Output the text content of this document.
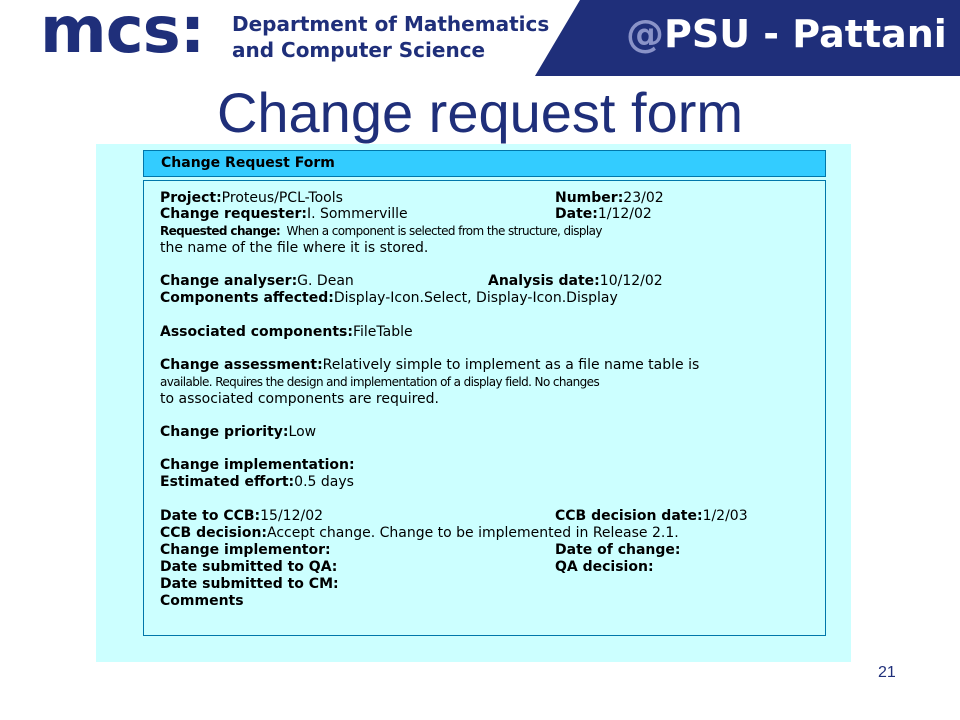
mcs: Department of Mathematics
and Computer Science	@PSU - Pattani
Change request form
Change Request Form
Project:Proteus/PCL-Tools	Number:23/02
Change requester:I. Sommerville	Date:1/12/02
Requested change: When a component is selected from the structure, display
the name of the file where it is stored.
Change analyser:G. Dean	Analysis date:10/12/02
Components affected:Display-Icon.Select, Display-Icon.Display
Associated components:FileTable
Change assessment:Relatively simple to implement as a file name table is
available. Requires the design and implementation of a display field. No changes
to associated components are required.
Change priority:Low
Change implementation:
Estimated effort:0.5 days
Date to CCB:15/12/02	CCB decision date:1/2/03
CCB decision:Accept change. Change to be implemented in Release 2.1.
Change implementor:	Date of change:
Date submitted to QA:	QA decision:
Date submitted to CM:
Comments
21
